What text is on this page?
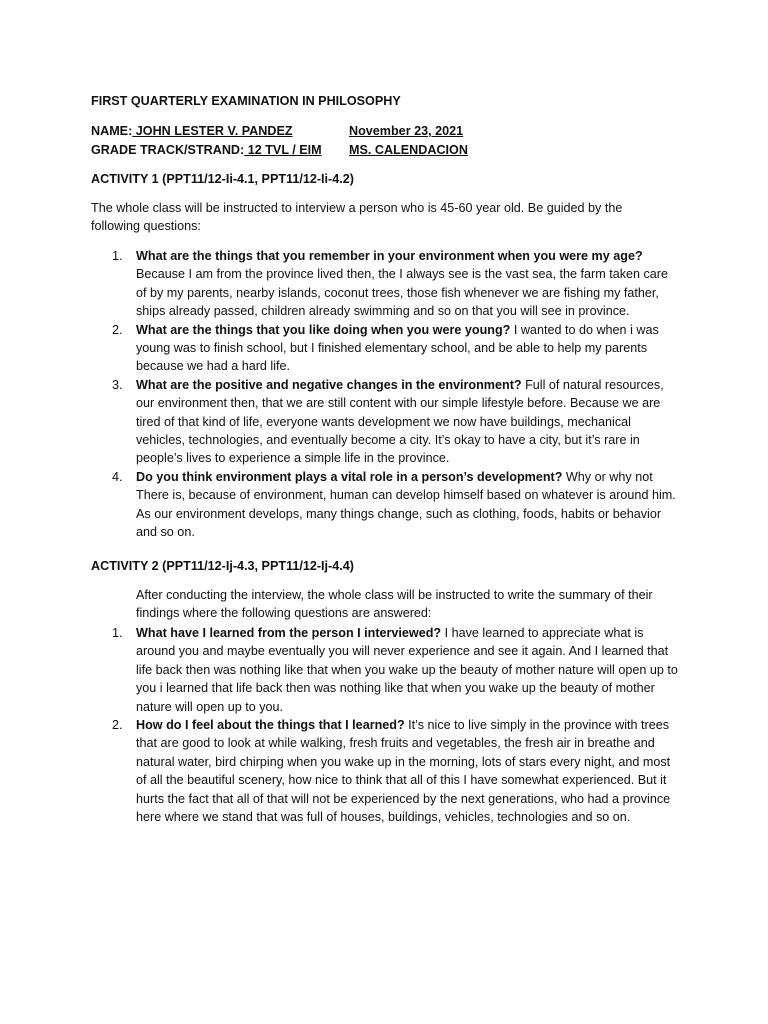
FIRST QUARTERLY EXAMINATION IN PHILOSOPHY
NAME: JOHN LESTER V. PANDEZ	November 23, 2021
GRADE TRACK/STRAND: 12 TVL / EIM MS. CALENDACION
ACTIVITY 1 (PPT11/12-Ii-4.1, PPT11/12-Ii-4.2)
The whole class will be instructed to interview a person who is 45-60 year old. Be guided by the following questions:
1. What are the things that you remember in your environment when you were my age? Because I am from the province lived then, the I always see is the vast sea, the farm taken care of by my parents, nearby islands, coconut trees, those fish whenever we are fishing my father, ships already passed, children already swimming and so on that you will see in province.
2. What are the things that you like doing when you were young? I wanted to do when i was young was to finish school, but I finished elementary school, and be able to help my parents because we had a hard life.
3. What are the positive and negative changes in the environment? Full of natural resources, our environment then, that we are still content with our simple lifestyle before. Because we are tired of that kind of life, everyone wants development we now have buildings, mechanical vehicles, technologies, and eventually become a city. It’s okay to have a city, but it’s rare in people’s lives to experience a simple life in the province.
4. Do you think environment plays a vital role in a person’s development? Why or why not There is, because of environment, human can develop himself based on whatever is around him. As our environment develops, many things change, such as clothing, foods, habits or behavior and so on.
ACTIVITY 2 (PPT11/12-Ij-4.3, PPT11/12-Ij-4.4)
After conducting the interview, the whole class will be instructed to write the summary of their findings where the following questions are answered:
1. What have I learned from the person I interviewed? I have learned to appreciate what is around you and maybe eventually you will never experience and see it again. And I learned that life back then was nothing like that when you wake up the beauty of mother nature will open up to you i learned that life back then was nothing like that when you wake up the beauty of mother nature will open up to you.
2. How do I feel about the things that I learned? It’s nice to live simply in the province with trees that are good to look at while walking, fresh fruits and vegetables, the fresh air in breathe and natural water, bird chirping when you wake up in the morning, lots of stars every night, and most of all the beautiful scenery, how nice to think that all of this I have somewhat experienced. But it hurts the fact that all of that will not be experienced by the next generations, who had a province here where we stand that was full of houses, buildings, vehicles, technologies and so on.
